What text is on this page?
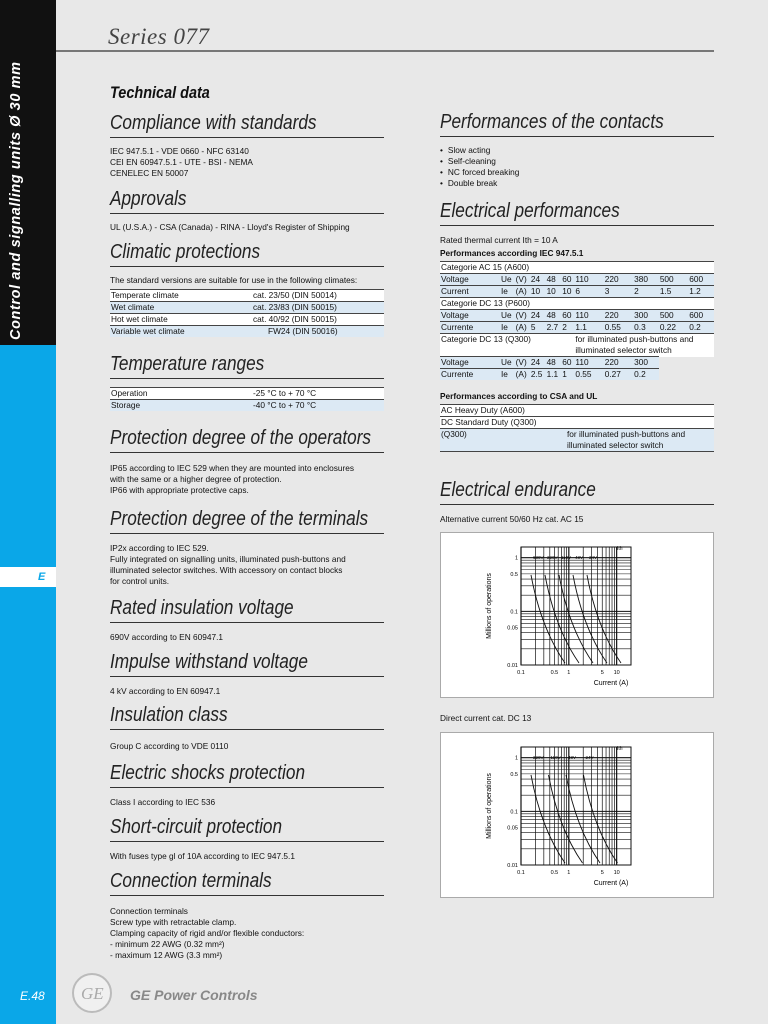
Control and signalling units Ø 30 mm
E
E.48
Series 077
Technical data
Compliance with standards
IEC 947.5.1 - VDE 0660 - NFC 63140
CEI EN 60947.5.1 - UTE - BSI - NEMA
CENELEC EN 50007
Approvals
UL (U.S.A.) - CSA (Canada) - RINA - Lloyd's Register of Shipping
Climatic protections
The standard versions are suitable for use in the following climates:
Temperate climate	cat. 23/50 (DIN 50014)
Wet climate	cat. 23/83 (DIN 50015)
Hot wet climate	cat. 40/92 (DIN 50015)
Variable wet climate	FW24 (DIN 50016)
Temperature ranges
Operation	-25 °C to + 70 °C
Storage	-40 °C to + 70 °C
Protection degree of the operators
IP65 according to IEC 529 when they are mounted into enclosures
with the same or a higher degree of protection.
IP66 with appropriate protective caps.
Protection degree of the terminals
IP2x according to IEC 529.
Fully integrated on signalling units, illuminated push-buttons and
illuminated selector switches. With accessory on contact blocks
for control units.
Rated insulation voltage
690V according to EN 60947.1
Impulse withstand voltage
4 kV according to EN 60947.1
Insulation class
Group C according to VDE 0110
Electric shocks protection
Class I according to IEC 536
Short-circuit protection
With fuses type gl of 10A according to IEC 947.5.1
Connection terminals
Connection terminals
Screw type with retractable clamp.
Clamping capacity of rigid and/or flexible conductors:
- minimum 22 AWG (0.32 mm²)
- maximum 12 AWG (3.3 mm²)
Performances of the contacts
• Slow acting
• Self-cleaning
• NC forced breaking
• Double break
Electrical performances
Rated thermal current Ith = 10 A
Performances according IEC 947.5.1
Categorie AC 15 (A600)										
Voltage	Ue	(V)	24	48	60	110	220	380	500	600
Current	Ie	(A)	10	10	10	6	3	2	1.5	1.2
Categorie DC 13 (P600)										
Voltage	Ue	(V)	24	48	60	110	220	300	500	600
Currente	Ie	(A)	5	2.7	2	1.1	0.55	0.3	0.22	0.2
Categorie DC 13 (Q300)						for illuminated push-buttons and				
						illuminated selector switch				
Voltage	Ue	(V)	24	48	60	110	220	300		
Currente	Ie	(A)	2.5	1.1	1	0.55	0.27	0.2		
Performances according to CSA and UL
AC Heavy Duty (A600)	
DC Standard Duty (Q300)	
(Q300)	for illuminated push-buttons and
	illuminated selector switch

Electrical endurance
Alternative current 50/60 Hz cat. AC 15
0.1	0.5 1	5 10
0.01
0.05
0.1
0.5
1
Current (A)
Millions of operations
Ith
630V 220V 110V 48V 24V
Direct current cat. DC 13
0.1	0.5 1	5 10
0.01
0.05
0.1
0.5
1
Current (A)
Millions of operations
Ith
220V 110V 48V 24V
GE GE Power Controls
